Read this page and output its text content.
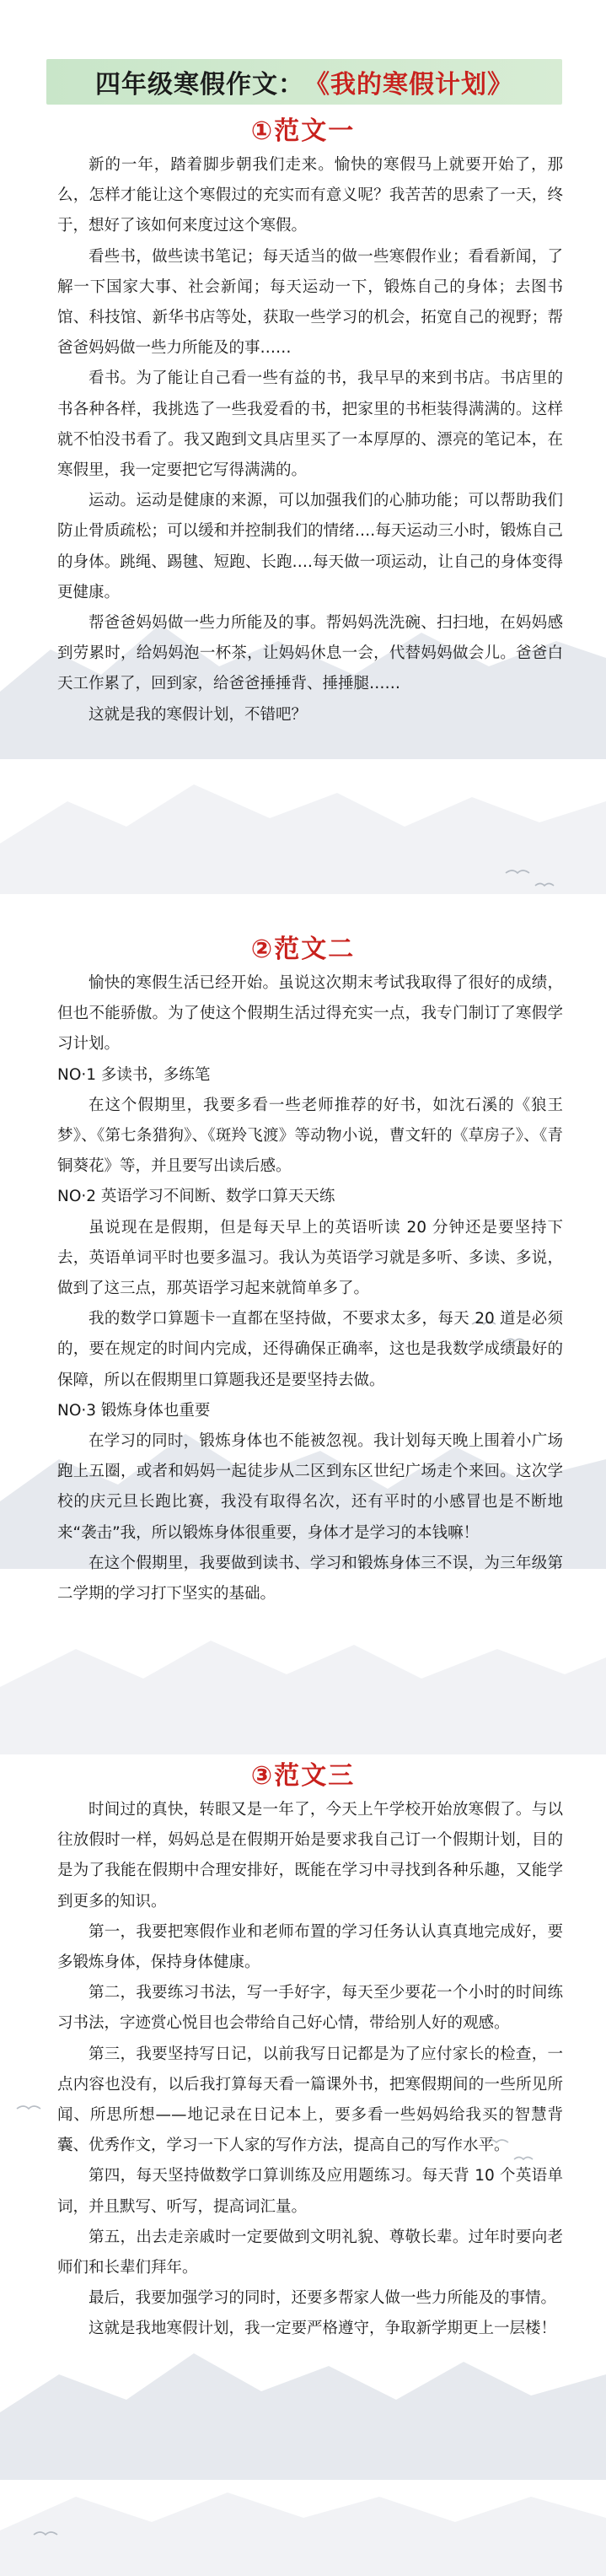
四年级寒假作文： 《我的寒假计划》
①范文一

新的一年，踏着脚步朝我们走来。愉快的寒假马上就要开始了，那么，怎样才能让这个寒假过的充实而有意义呢？我苦苦的思索了一天，终于，想好了该如何来度过这个寒假。

看些书，做些读书笔记；每天适当的做一些寒假作业；看看新闻，了解一下国家大事、社会新闻；每天运动一下，锻炼自己的身体；去图书馆、科技馆、新华书店等处，获取一些学习的机会，拓宽自己的视野；帮爸爸妈妈做一些力所能及的事……

看书。为了能让自己看一些有益的书，我早早的来到书店。书店里的书各种各样，我挑选了一些我爱看的书，把家里的书柜装得满满的。这样就不怕没书看了。我又跑到文具店里买了一本厚厚的、漂亮的笔记本，在寒假里，我一定要把它写得满满的。

运动。运动是健康的来源，可以加强我们的心肺功能；可以帮助我们防止骨质疏松；可以缓和并控制我们的情绪….每天运动三小时，锻炼自己的身体。跳绳、踢毽、短跑、长跑….每天做一项运动，让自己的身体变得更健康。

帮爸爸妈妈做一些力所能及的事。帮妈妈洗洗碗、扫扫地，在妈妈感到劳累时，给妈妈泡一杯茶，让妈妈休息一会，代替妈妈做会儿。爸爸白天工作累了，回到家，给爸爸捶捶背、捶捶腿……

这就是我的寒假计划，不错吧？

②范文二

愉快的寒假生活已经开始。虽说这次期末考试我取得了很好的成绩，但也不能骄傲。为了使这个假期生活过得充实一点，我专门制订了寒假学习计划。

NO·1 多读书，多练笔

在这个假期里，我要多看一些老师推荐的好书，如沈石溪的《狼王梦》、《第七条猎狗》、《斑羚飞渡》等动物小说，曹文轩的《草房子》、《青铜葵花》等，并且要写出读后感。

NO·2 英语学习不间断、数学口算天天练

虽说现在是假期，但是每天早上的英语听读 20 分钟还是要坚持下去，英语单词平时也要多温习。我认为英语学习就是多听、多读、多说，做到了这三点，那英语学习起来就简单多了。

我的数学口算题卡一直都在坚持做，不要求太多，每天 20 道是必须的，要在规定的时间内完成，还得确保正确率，这也是我数学成绩最好的保障，所以在假期里口算题我还是要坚持去做。

NO·3 锻炼身体也重要

在学习的同时，锻炼身体也不能被忽视。我计划每天晚上围着小广场跑上五圈，或者和妈妈一起徒步从二区到东区世纪广场走个来回。这次学校的庆元旦长跑比赛，我没有取得名次，还有平时的小感冒也是不断地来“袭击”我，所以锻炼身体很重要，身体才是学习的本钱嘛！

在这个假期里，我要做到读书、学习和锻炼身体三不误，为三年级第二学期的学习打下坚实的基础。

③范文三

时间过的真快，转眼又是一年了，今天上午学校开始放寒假了。与以往放假时一样，妈妈总是在假期开始是要求我自己订一个假期计划，目的是为了我能在假期中合理安排好，既能在学习中寻找到各种乐趣，又能学到更多的知识。

第一，我要把寒假作业和老师布置的学习任务认认真真地完成好，要多锻炼身体，保持身体健康。

第二，我要练习书法，写一手好字，每天至少要花一个小时的时间练习书法，字迹赏心悦目也会带给自己好心情，带给别人好的观感。

第三，我要坚持写日记，以前我写日记都是为了应付家长的检查，一点内容也没有，以后我打算每天看一篇课外书，把寒假期间的一些所见所闻、所思所想——地记录在日记本上，要多看一些妈妈给我买的智慧背囊、优秀作文，学习一下人家的写作方法，提高自己的写作水平。

第四，每天坚持做数学口算训练及应用题练习。每天背 10 个英语单词，并且默写、听写，提高词汇量。

第五，出去走亲戚时一定要做到文明礼貌、尊敬长辈。过年时要向老师们和长辈们拜年。

最后，我要加强学习的同时，还要多帮家人做一些力所能及的事情。

这就是我地寒假计划，我一定要严格遵守，争取新学期更上一层楼！
